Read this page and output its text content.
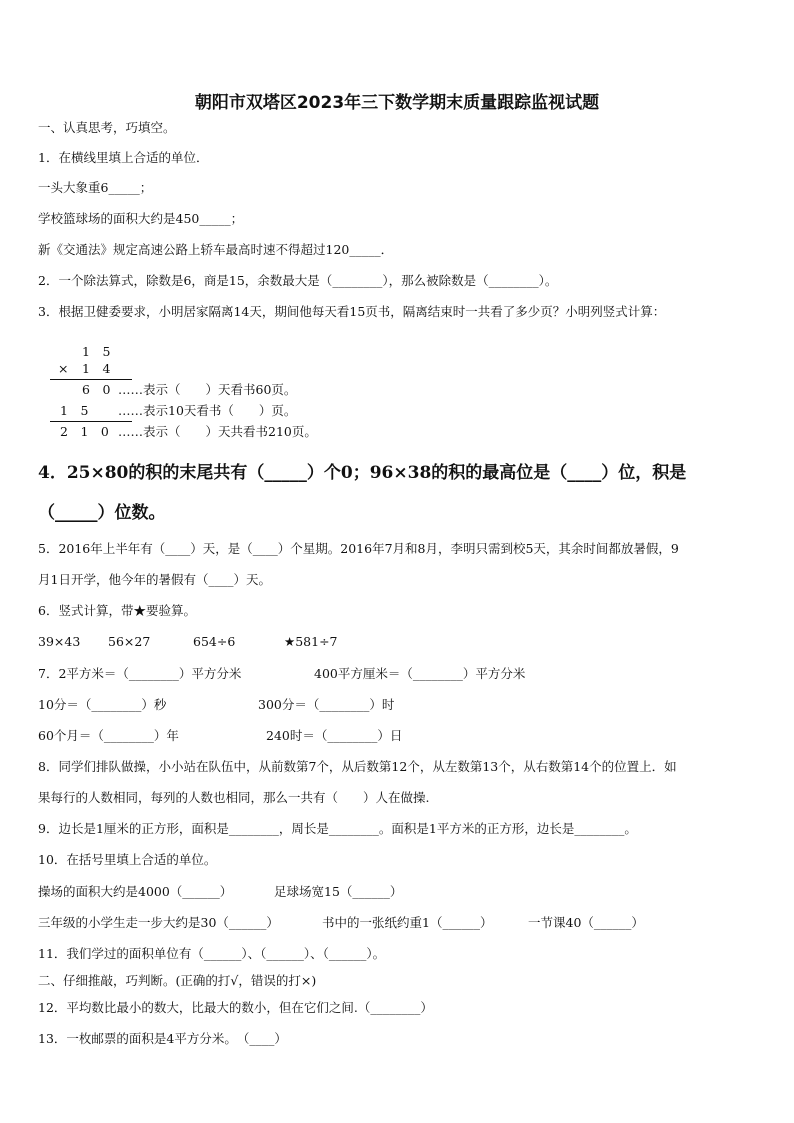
朝阳市双塔区2023年三下数学期末质量跟踪监视试题
一、认真思考，巧填空。
1．在横线里填上合适的单位．
一头大象重6_____；
学校篮球场的面积大约是450_____；
新《交通法》规定高速公路上轿车最高时速不得超过120_____．
2．一个除法算式，除数是6，商是15，余数最大是（________），那么被除数是（________）。
3．根据卫健委要求，小明居家隔离14天，期间他每天看15页书，隔离结束时一共看了多少页？小明列竖式计算：
1　5
× 1　4
6　0 ……表示（　　）天看书60页。
1　5 ……表示10天看书（　　）页。
2　1　0 ……表示（　　）天共看书210页。
4．25×80的积的末尾共有（_____）个0；96×38的积的最高位是（____）位，积是
（_____）位数。
5．2016年上半年有（____）天，是（____）个星期。2016年7月和8月，李明只需到校5天，其余时间都放暑假，9
月1日开学，他今年的暑假有（____）天。
6．竖式计算，带★要验算。
39×43 56×27	654÷6	★581÷7
7．2平方米＝（________）平方分米	400平方厘米＝（________）平方分米
10分＝（________）秒	300分＝（________）时
60个月＝（________）年	240时＝（________）日
8．同学们排队做操，小小站在队伍中，从前数第7个，从后数第12个，从左数第13个，从右数第14个的位置上．如
果每行的人数相同，每列的人数也相同，那么一共有（　　）人在做操.
9．边长是1厘米的正方形，面积是________，周长是________。面积是1平方米的正方形，边长是________。
10．在括号里填上合适的单位。
操场的面积大约是4000（______）	足球场宽15（______）
三年级的小学生走一步大约是30（______）	书中的一张纸约重1（______）	一节课40（______）
11．我们学过的面积单位有（______）、（______）、（______）。
二、仔细推敲，巧判断。(正确的打√，错误的打×)
12．平均数比最小的数大，比最大的数小，但在它们之间.（________）
13．一枚邮票的面积是4平方分米。　（____）
